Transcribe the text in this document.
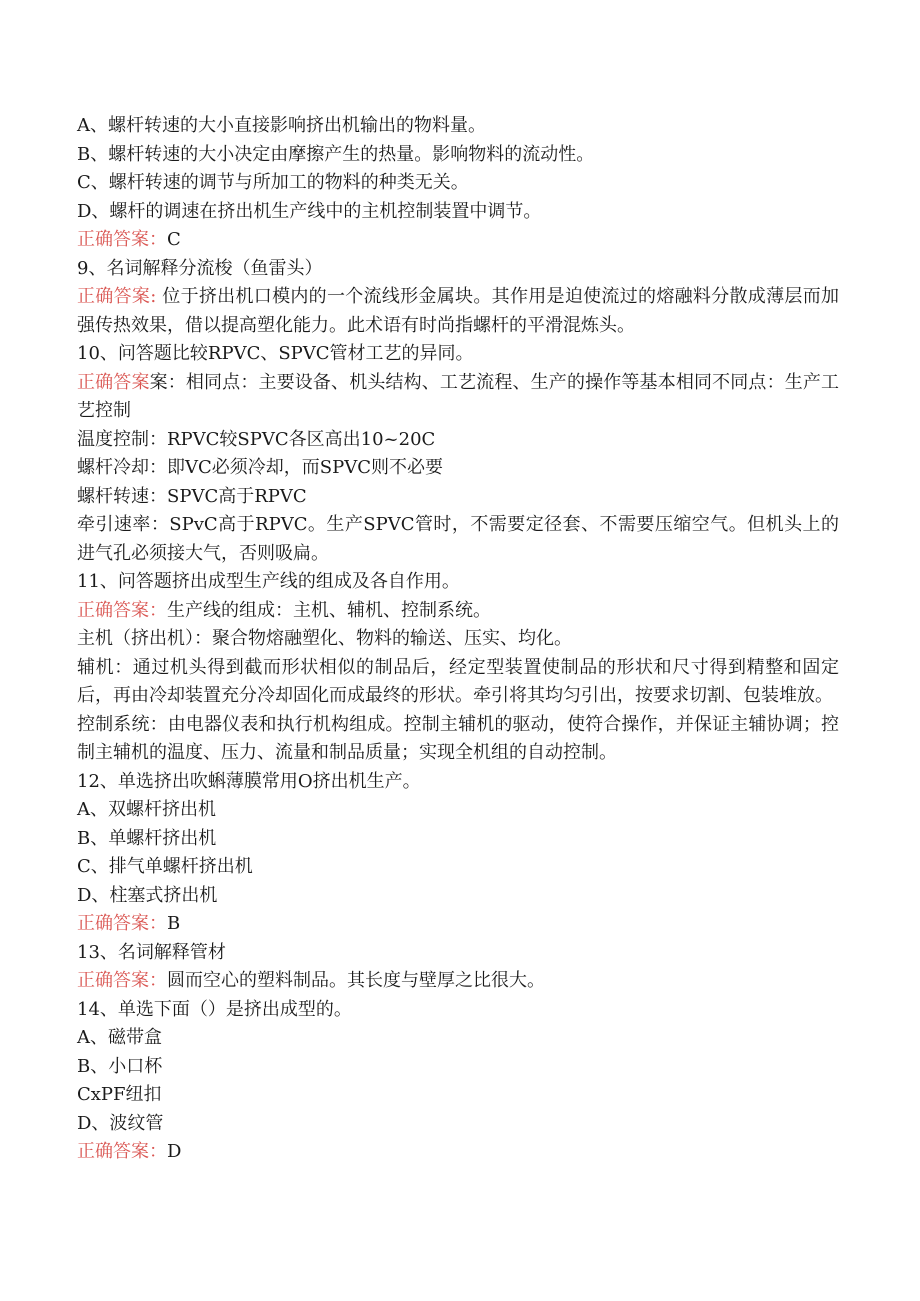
A、螺杆转速的大小直接影响挤出机输出的物料量。
B、螺杆转速的大小决定由摩擦产生的热量。影响物料的流动性。
C、螺杆转速的调节与所加工的物料的种类无关。
D、螺杆的调速在挤出机生产线中的主机控制装置中调节。
正确答案：C
9、名词解释分流梭（鱼雷头）
正确答案: 位于挤出机口模内的一个流线形金属块。其作用是迫使流过的熔融料分散成薄层而加强传热效果，借以提高塑化能力。此术语有时尚指螺杆的平滑混炼头。
10、问答题比较RPVC、SPVC管材工艺的异同。
正确答案案：相同点：主要设备、机头结构、工艺流程、生产的操作等基本相同不同点：生产工艺控制
温度控制：RPVC较SPVC各区高出10~20C
螺杆冷却：即VC必须冷却，而SPVC则不必要
螺杆转速：SPVC高于RPVC
牵引速率：SPvC高于RPVC。生产SPVC管时，不需要定径套、不需要压缩空气。但机头上的进气孔必须接大气，否则吸扁。
11、问答题挤出成型生产线的组成及各自作用。
正确答案：生产线的组成：主机、辅机、控制系统。
主机（挤出机）：聚合物熔融塑化、物料的输送、压实、均化。
辅机：通过机头得到截而形状相似的制品后，经定型装置使制品的形状和尺寸得到精整和固定后，再由冷却装置充分冷却固化而成最终的形状。牵引将其均匀引出，按要求切割、包装堆放。
控制系统：由电器仪表和执行机构组成。控制主辅机的驱动，使符合操作，并保证主辅协调；控制主辅机的温度、压力、流量和制品质量；实现全机组的自动控制。
12、单选挤出吹蝌薄膜常用O挤出机生产。
A、双螺杆挤出机
B、单螺杆挤出机
C、排气单螺杆挤出机
D、柱塞式挤出机
正确答案：B
13、名词解释管材
正确答案：圆而空心的塑料制品。其长度与壁厚之比很大。
14、单选下面（）是挤出成型的。
A、磁带盒
B、小口杯
CxPF纽扣
D、波纹管
正确答案：D
